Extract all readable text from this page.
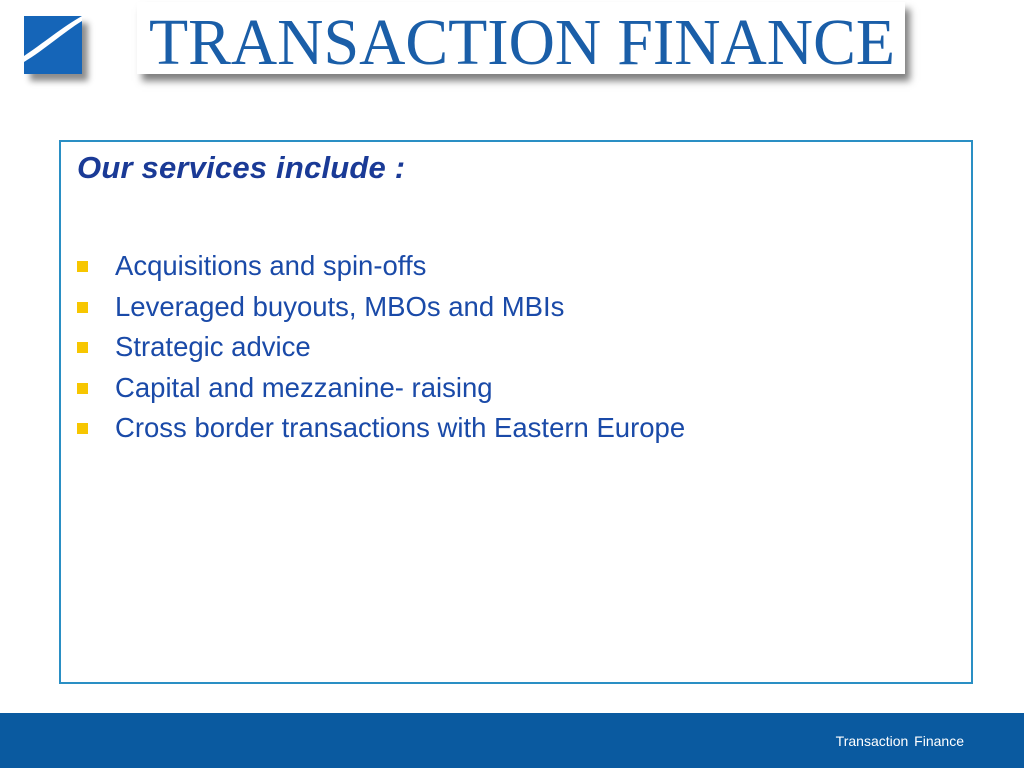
TRANSACTION FINANCE
Our services include :
Acquisitions and spin-offs
Leveraged buyouts, MBOs and MBIs
Strategic advice
Capital and mezzanine- raising
Cross border transactions with Eastern Europe
Transaction Finance
